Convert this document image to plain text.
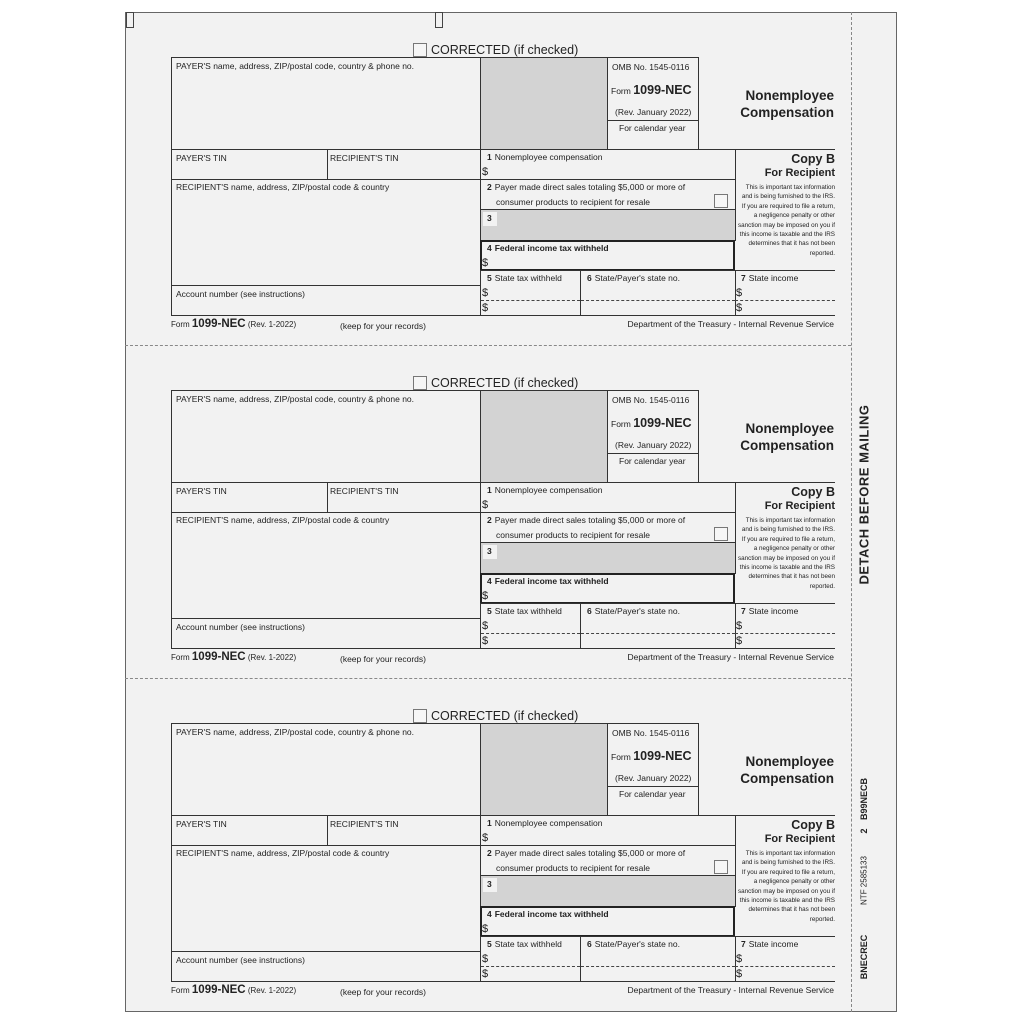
CORRECTED (if checked)
PAYER'S name, address, ZIP/postal code, country & phone no.	OMB No. 1545-0116
Form 1099-NEC
(Rev. January 2022)
For calendar year
Nonemployee
Compensation
PAYER'S TIN	RECIPIENT'S TIN	1 Nonemployee compensation
$
Copy B
For Recipient
This is important tax information and is being furnished to the IRS. If you are required to file a return, a negligence penalty or other sanction may be imposed on you if this income is taxable and the IRS determines that it has not been reported.
RECIPIENT'S name, address, ZIP/postal code & country	2 Payer made direct sales totaling $5,000 or more of
consumer products to recipient for resale
3
4 Federal income tax withheld
$
Account number (see instructions)
5 State tax withheld
$
$
6 State/Payer's state no.	7 State income
$
$
Form 1099-NEC (Rev. 1-2022)	(keep for your records)	Department of the Treasury - Internal Revenue Service
CORRECTED (if checked)
PAYER'S name, address, ZIP/postal code, country & phone no.	OMB No. 1545-0116
Form 1099-NEC
(Rev. January 2022)
For calendar year
Nonemployee
Compensation
PAYER'S TIN	RECIPIENT'S TIN	1 Nonemployee compensation
$
Copy B
For Recipient
This is important tax information and is being furnished to the IRS. If you are required to file a return, a negligence penalty or other sanction may be imposed on you if this income is taxable and the IRS determines that it has not been reported.
RECIPIENT'S name, address, ZIP/postal code & country	2 Payer made direct sales totaling $5,000 or more of
consumer products to recipient for resale
3
4 Federal income tax withheld
$
Account number (see instructions)
5 State tax withheld
$
$
6 State/Payer's state no.	7 State income
$
$
Form 1099-NEC (Rev. 1-2022)	(keep for your records)	Department of the Treasury - Internal Revenue Service
CORRECTED (if checked)
PAYER'S name, address, ZIP/postal code, country & phone no.	OMB No. 1545-0116
Form 1099-NEC
(Rev. January 2022)
For calendar year
Nonemployee
Compensation
PAYER'S TIN	RECIPIENT'S TIN	1 Nonemployee compensation
$
Copy B
For Recipient
This is important tax information and is being furnished to the IRS. If you are required to file a return, a negligence penalty or other sanction may be imposed on you if this income is taxable and the IRS determines that it has not been reported.
RECIPIENT'S name, address, ZIP/postal code & country	2 Payer made direct sales totaling $5,000 or more of
consumer products to recipient for resale
3
4 Federal income tax withheld
$
Account number (see instructions)
5 State tax withheld
$
$
6 State/Payer's state no.	7 State income
$
$
Form 1099-NEC (Rev. 1-2022)	(keep for your records)	Department of the Treasury - Internal Revenue Service
DETACH BEFORE MAILING
B99NECB
2
NTF 2585133
BNECREC
